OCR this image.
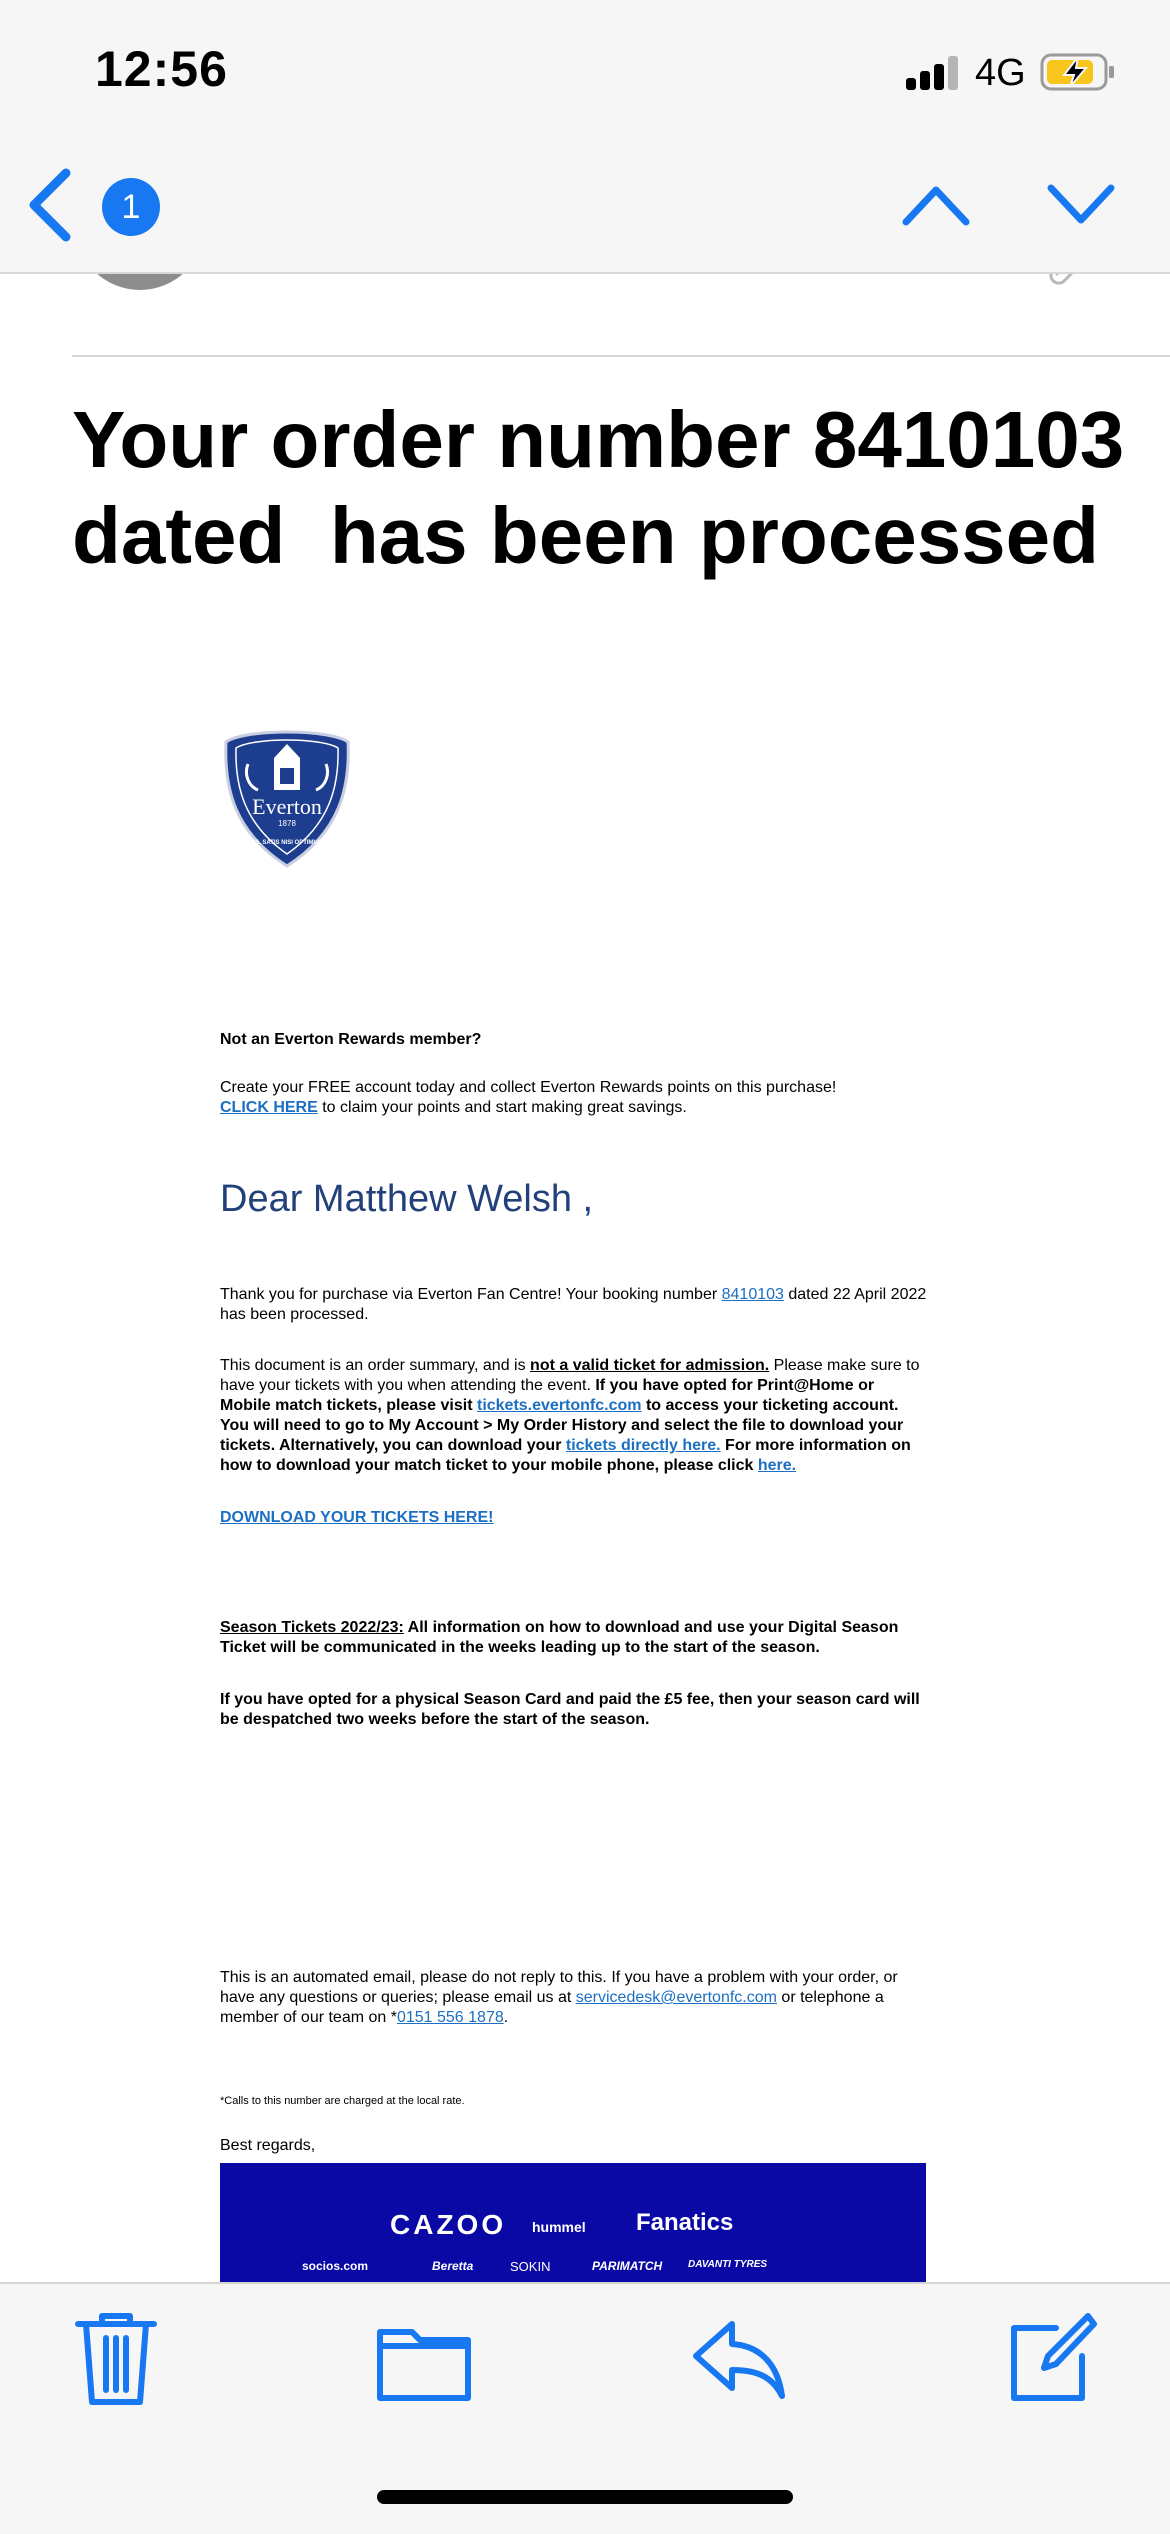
12:56	4G
1
Your order number 8410103
dated  has been processed
Everton
1878
NIL SATIS NISI OPTIMUM

Not an Everton Rewards member?

Create your FREE account today and collect Everton Rewards points on this purchase!
CLICK HERE to claim your points and start making great savings.

Dear Matthew Welsh ,

Thank you for purchase via Everton Fan Centre! Your booking number 8410103 dated 22 April 2022 has been processed.

This document is an order summary, and is not a valid ticket for admission. Please make sure to have your tickets with you when attending the event. If you have opted for Print@Home or Mobile match tickets, please visit tickets.evertonfc.com to access your ticketing account. You will need to go to My Account > My Order History and select the file to download your tickets. Alternatively, you can download your tickets directly here. For more information on how to download your match ticket to your mobile phone, please click here.

DOWNLOAD YOUR TICKETS HERE!

Season Tickets 2022/23: All information on how to download and use your Digital Season Ticket will be communicated in the weeks leading up to the start of the season.

If you have opted for a physical Season Card and paid the £5 fee, then your season card will be despatched two weeks before the start of the season.

This is an automated email, please do not reply to this. If you have a problem with your order, or have any questions or queries; please email us at servicedesk@evertonfc.com or telephone a member of our team on *0151 556 1878.

*Calls to this number are charged at the local rate.
Best regards,
CAZOO hummel Fanatics
socios.com	Beretta	SOKIN	PARIMATCH	DAVANTI TYRES
